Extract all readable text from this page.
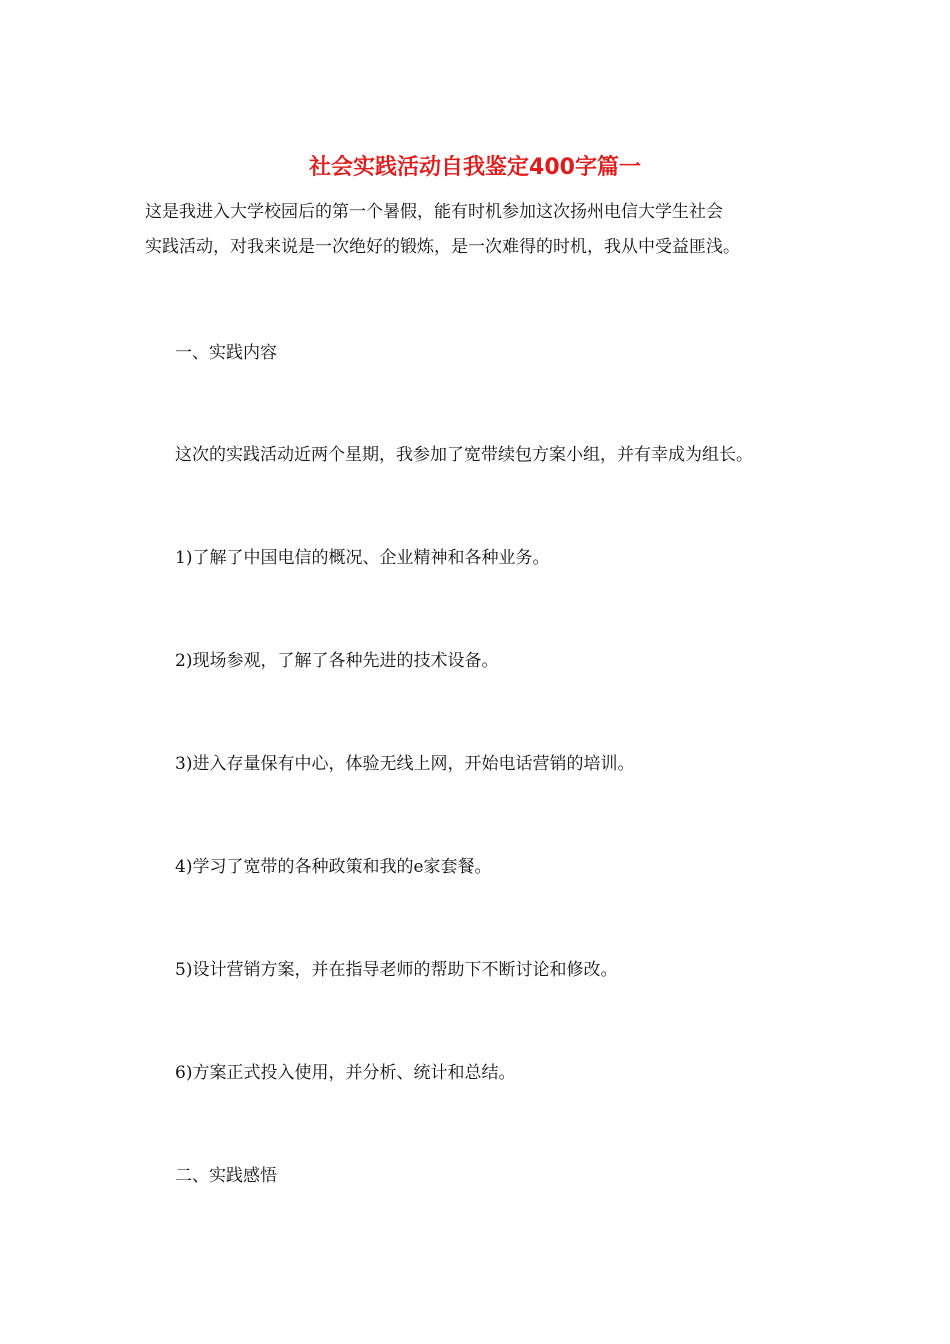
社会实践活动自我鉴定400字篇一

这是我进入大学校园后的第一个暑假，能有时机参加这次扬州电信大学生社会

实践活动，对我来说是一次绝好的锻炼，是一次难得的时机，我从中受益匪浅。

一、实践内容

这次的实践活动近两个星期，我参加了宽带续包方案小组，并有幸成为组长。

1)了解了中国电信的概况、企业精神和各种业务。

2)现场参观，了解了各种先进的技术设备。

3)进入存量保有中心，体验无线上网，开始电话营销的培训。

4)学习了宽带的各种政策和我的e家套餐。

5)设计营销方案，并在指导老师的帮助下不断讨论和修改。

6)方案正式投入使用，并分析、统计和总结。

二、实践感悟
